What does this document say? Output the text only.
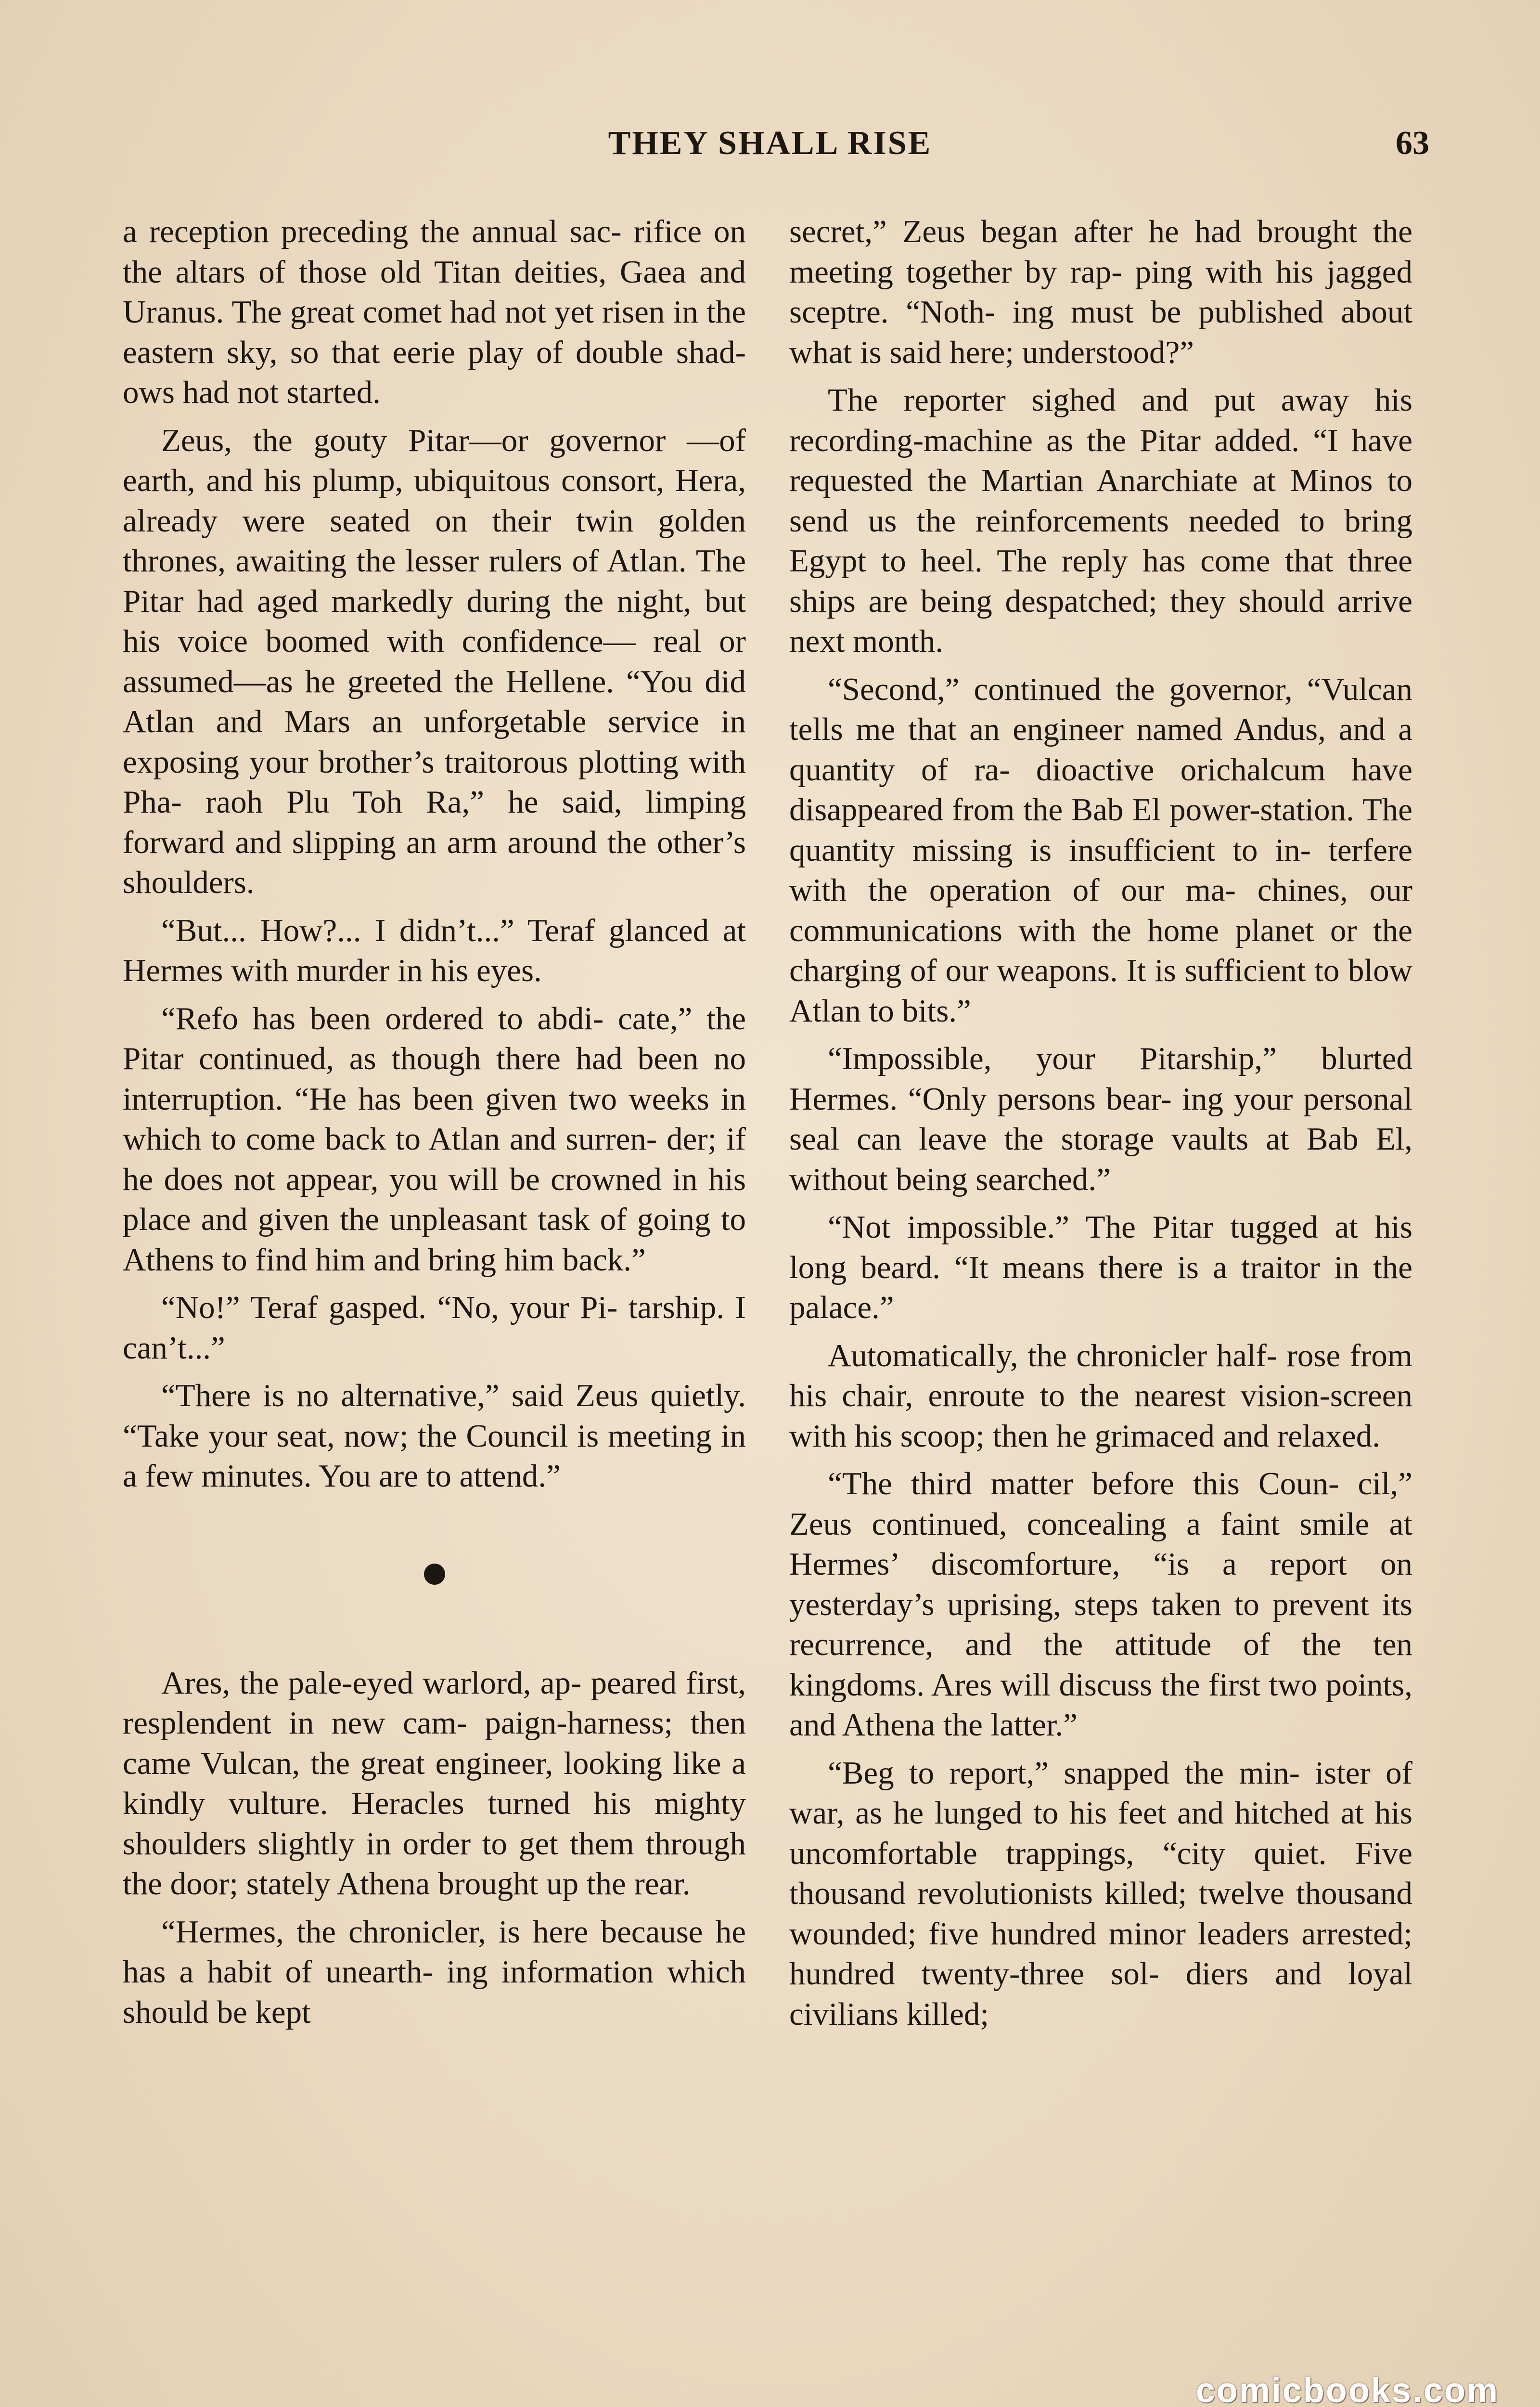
THEY SHALL RISE	63

a reception preceding the annual sac- rifice on the altars of those old Titan deities, Gaea and Uranus. The great comet had not yet risen in the eastern sky, so that eerie play of double shad- ows had not started.

Zeus, the gouty Pitar—or governor —of earth, and his plump, ubiquitous consort, Hera, already were seated on their twin golden thrones, awaiting the lesser rulers of Atlan. The Pitar had aged markedly during the night, but his voice boomed with confidence— real or assumed—as he greeted the Hellene. “You did Atlan and Mars an unforgetable service in exposing your brother’s traitorous plotting with Pha- raoh Plu Toh Ra,” he said, limping forward and slipping an arm around the other’s shoulders.

“But... How?... I didn’t...” Teraf glanced at Hermes with murder in his eyes.

“Refo has been ordered to abdi- cate,” the Pitar continued, as though there had been no interruption. “He has been given two weeks in which to come back to Atlan and surren- der; if he does not appear, you will be crowned in his place and given the unpleasant task of going to Athens to find him and bring him back.”

“No!” Teraf gasped. “No, your Pi- tarship. I can’t...”

“There is no alternative,” said Zeus quietly. “Take your seat, now; the Council is meeting in a few minutes. You are to attend.”

Ares, the pale-eyed warlord, ap- peared first, resplendent in new cam- paign-harness; then came Vulcan, the great engineer, looking like a kindly vulture. Heracles turned his mighty shoulders slightly in order to get them through the door; stately Athena brought up the rear.

“Hermes, the chronicler, is here because he has a habit of unearth- ing information which should be kept

secret,” Zeus began after he had brought the meeting together by rap- ping with his jagged sceptre. “Noth- ing must be published about what is said here; understood?”

The reporter sighed and put away his recording-machine as the Pitar added. “I have requested the Martian Anarchiate at Minos to send us the reinforcements needed to bring Egypt to heel. The reply has come that three ships are being despatched; they should arrive next month.

“Second,” continued the governor, “Vulcan tells me that an engineer named Andus, and a quantity of ra- dioactive orichalcum have disappeared from the Bab El power-station. The quantity missing is insufficient to in- terfere with the operation of our ma- chines, our communications with the home planet or the charging of our weapons. It is sufficient to blow Atlan to bits.”

“Impossible, your Pitarship,” blurted Hermes. “Only persons bear- ing your personal seal can leave the storage vaults at Bab El, without being searched.”

“Not impossible.” The Pitar tugged at his long beard. “It means there is a traitor in the palace.”

Automatically, the chronicler half- rose from his chair, enroute to the nearest vision-screen with his scoop; then he grimaced and relaxed.

“The third matter before this Coun- cil,” Zeus continued, concealing a faint smile at Hermes’ discomforture, “is a report on yesterday’s uprising, steps taken to prevent its recurrence, and the attitude of the ten kingdoms. Ares will discuss the first two points, and Athena the latter.”

“Beg to report,” snapped the min- ister of war, as he lunged to his feet and hitched at his uncomfortable trappings, “city quiet. Five thousand revolutionists killed; twelve thousand wounded; five hundred minor leaders arrested; hundred twenty-three sol- diers and loyal civilians killed;

comicbooks.com
